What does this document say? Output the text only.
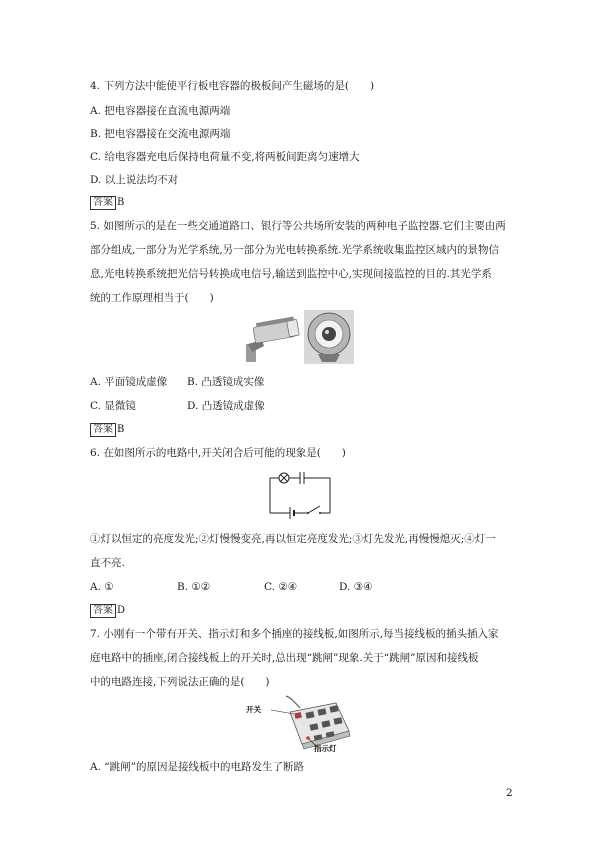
4. 下列方法中能使平行板电容器的极板间产生磁场的是(　　)
A. 把电容器接在直流电源两端
B. 把电容器接在交流电源两端
C. 给电容器充电后保持电荷量不变,将两板间距离匀速增大
D. 以上说法均不对
答案 B
5. 如图所示的是在一些交通道路口、银行等公共场所安装的两种电子监控器.它们主要由两
部分组成,一部分为光学系统,另一部分为光电转换系统.光学系统收集监控区域内的景物信
息,光电转换系统把光信号转换成电信号,输送到监控中心,实现间接监控的目的.其光学系
统的工作原理相当于(　　)
A. 平面镜成虚像 B. 凸透镜成实像
C. 显微镜	D. 凸透镜成虚像
答案 B
6. 在如图所示的电路中,开关闭合后可能的现象是(　　)
①灯以恒定的亮度发光;②灯慢慢变亮,再以恒定亮度发光;③灯先发光,再慢慢熄灭;④灯一
直不亮.
A. ①	B. ①②	C. ②④	D. ③④
答案 D
7. 小刚有一个带有开关、指示灯和多个插座的接线板,如图所示,每当接线板的插头插入家
庭电路中的插座,闭合接线板上的开关时,总出现“跳闸”现象.关于“跳闸”原因和接线板
中的电路连接,下列说法正确的是(　　)
开关
指示灯
A. “跳闸”的原因是接线板中的电路发生了断路
2
